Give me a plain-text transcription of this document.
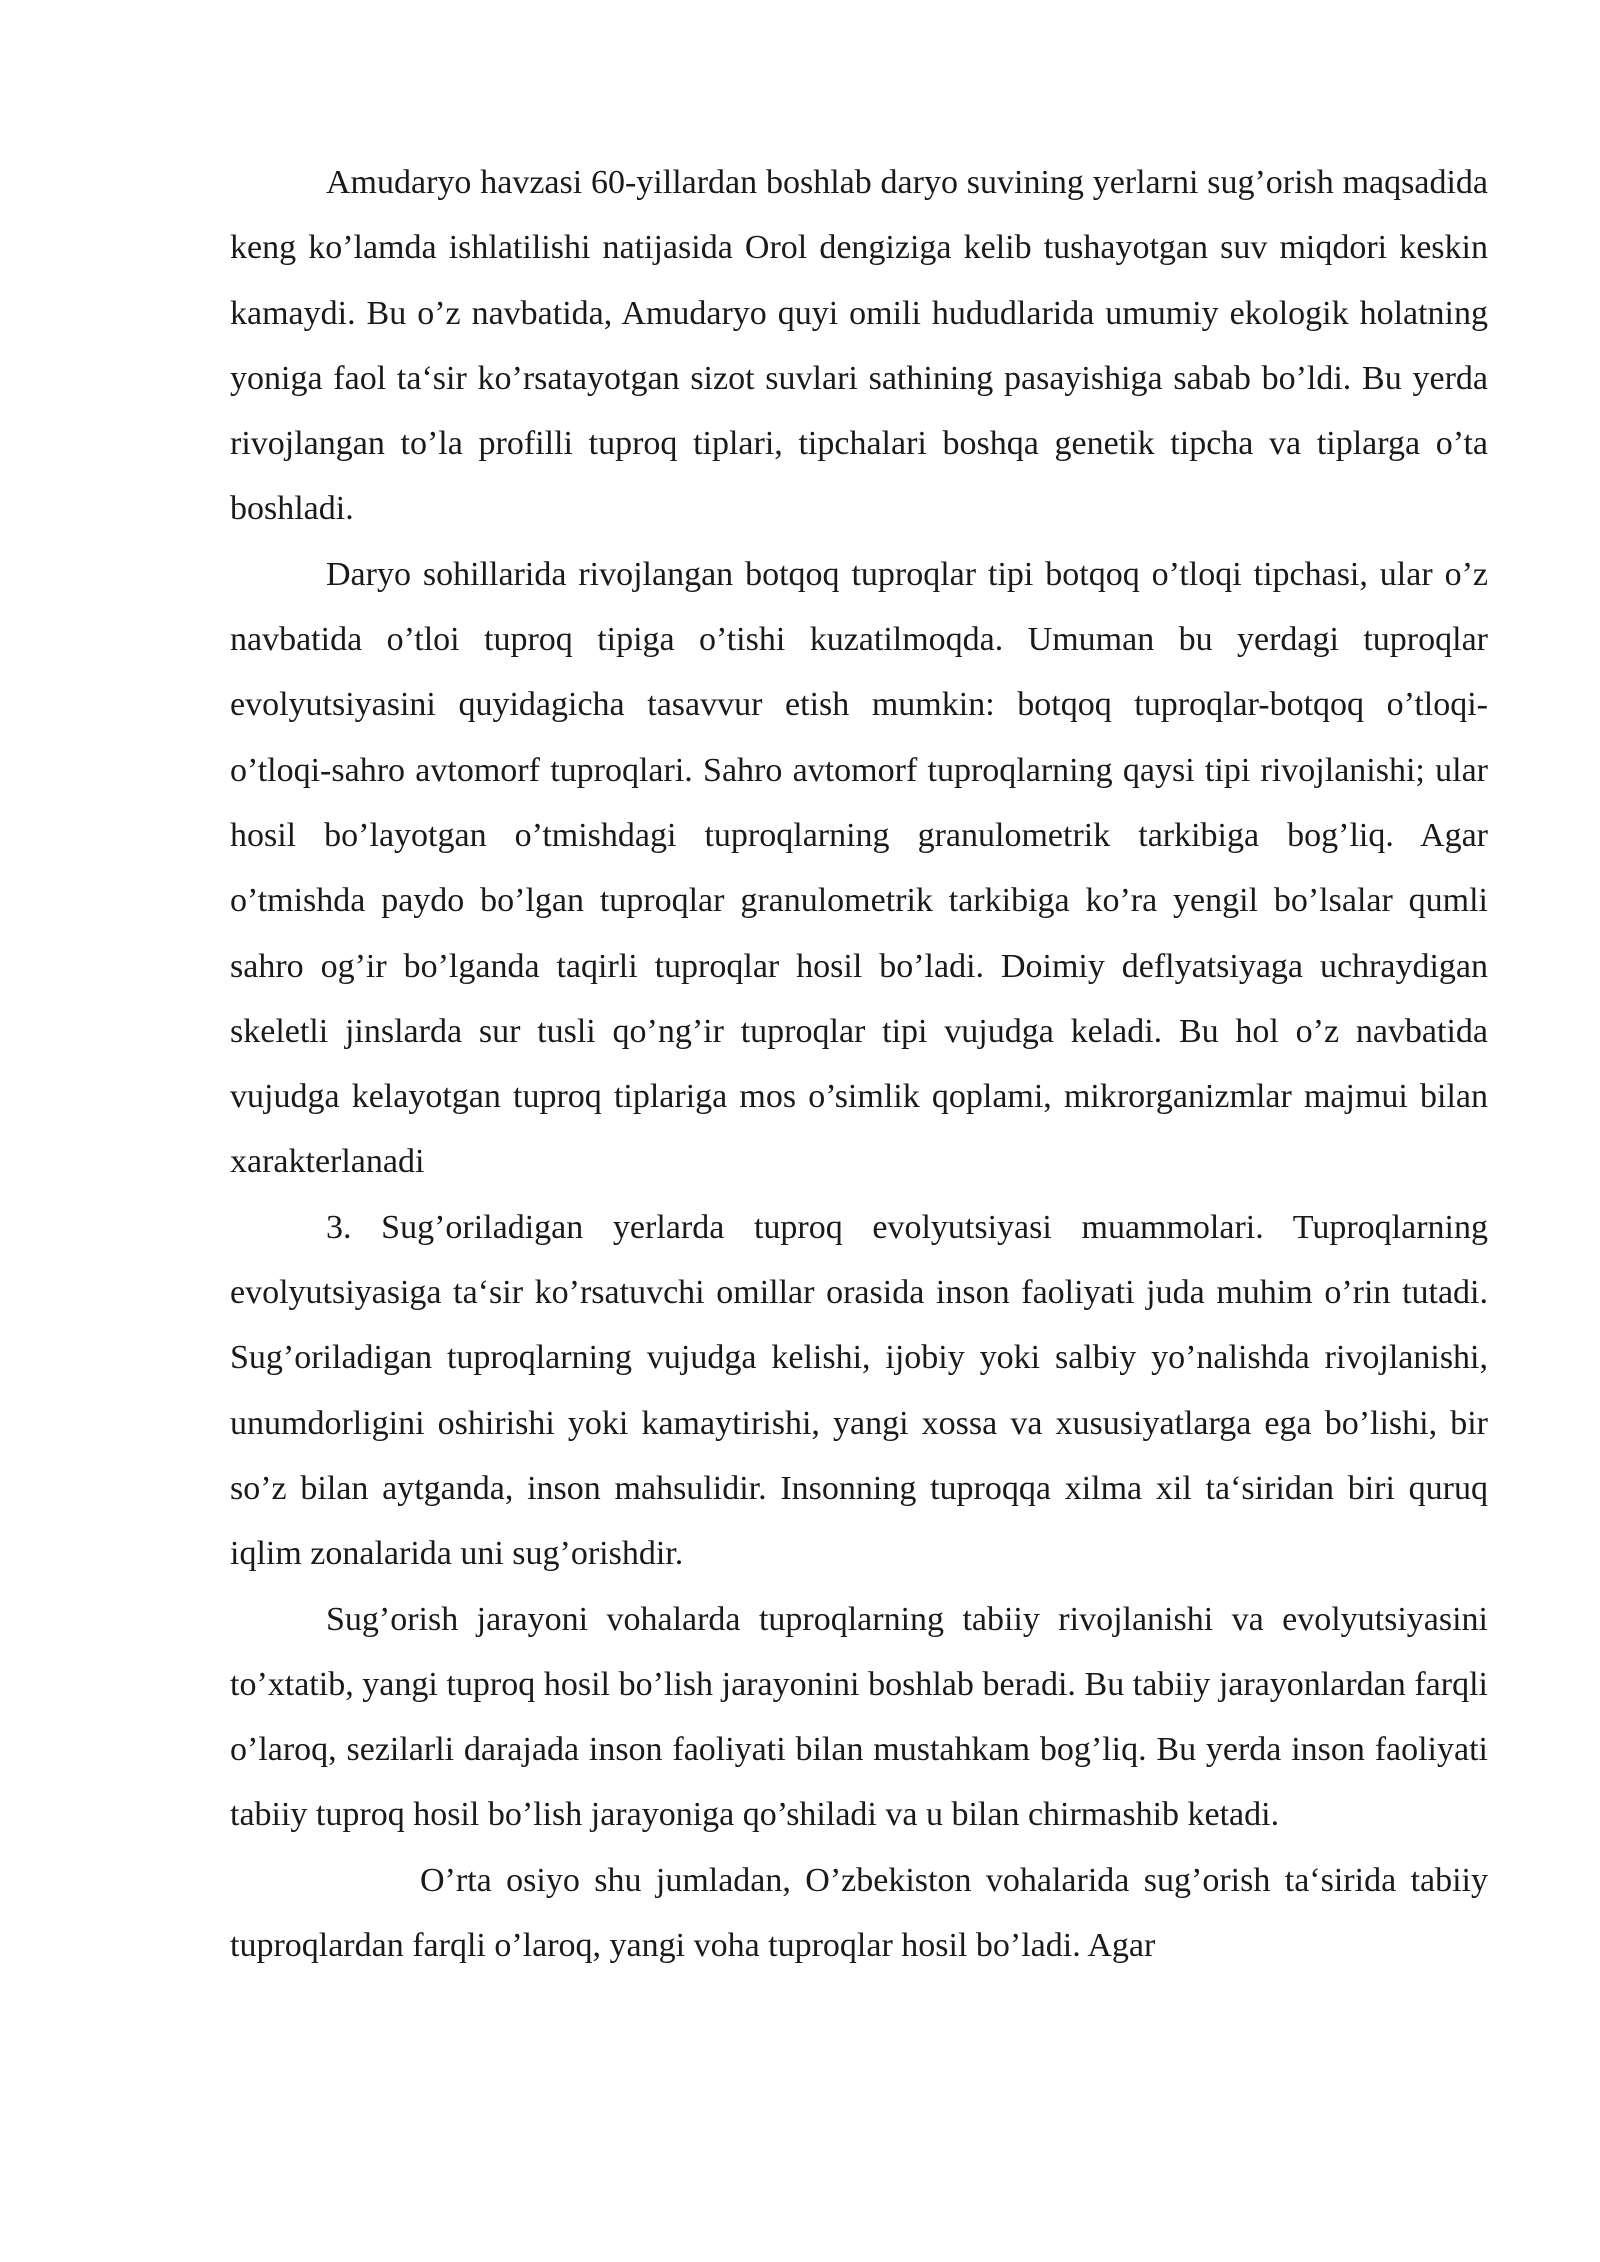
Amudaryo havzasi 60-yillardan boshlab daryo suvining yerlarni sug’orish maqsadida keng ko’lamda ishlatilishi natijasida Orol dengiziga kelib tushayotgan suv miqdori keskin kamaydi. Bu o’z navbatida, Amudaryo quyi omili hududlarida umumiy ekologik holatning yoniga faol ta‘sir ko’rsatayotgan sizot suvlari sathining pasayishiga sabab bo’ldi. Bu yerda rivojlangan to’la profilli tuproq tiplari, tipchalari boshqa genetik tipcha va tiplarga o’ta boshladi.

Daryo sohillarida rivojlangan botqoq tuproqlar tipi botqoq o’tloqi tipchasi, ular o’z navbatida o’tloi tuproq tipiga o’tishi kuzatilmoqda. Umuman bu yerdagi tuproqlar evolyutsiyasini quyidagicha tasavvur etish mumkin: botqoq tuproqlar-botqoq o’tloqi-o’tloqi-sahro avtomorf tuproqlari. Sahro avtomorf tuproqlarning qaysi tipi rivojlanishi; ular hosil bo’layotgan o’tmishdagi tuproqlarning granulometrik tarkibiga bog’liq. Agar o’tmishda paydo bo’lgan tuproqlar granulometrik tarkibiga ko’ra yengil bo’lsalar qumli sahro og’ir bo’lganda taqirli tuproqlar hosil bo’ladi. Doimiy deflyatsiyaga uchraydigan skeletli jinslarda sur tusli qo’ng’ir tuproqlar tipi vujudga keladi. Bu hol o’z navbatida vujudga kelayotgan tuproq tiplariga mos o’simlik qoplami, mikrorganizmlar majmui bilan xarakterlanadi

3. Sug’oriladigan yerlarda tuproq evolyutsiyasi muammolari. Tuproqlarning evolyutsiyasiga ta‘sir ko’rsatuvchi omillar orasida inson faoliyati juda muhim o’rin tutadi. Sug’oriladigan tuproqlarning vujudga kelishi, ijobiy yoki salbiy yo’nalishda rivojlanishi, unumdorligini oshirishi yoki kamaytirishi, yangi xossa va xususiyatlarga ega bo’lishi, bir so’z bilan aytganda, inson mahsulidir. Insonning tuproqqa xilma xil ta‘siridan biri quruq iqlim zonalarida uni sug’orishdir.

Sug’orish jarayoni vohalarda tuproqlarning tabiiy rivojlanishi va evolyutsiyasini to’xtatib, yangi tuproq hosil bo’lish jarayonini boshlab beradi. Bu tabiiy jarayonlardan farqli o’laroq, sezilarli darajada inson faoliyati bilan mustahkam bog’liq. Bu yerda inson faoliyati tabiiy tuproq hosil bo’lish jarayoniga qo’shiladi va u bilan chirmashib ketadi.

O’rta osiyo shu jumladan, O’zbekiston vohalarida sug’orish ta‘sirida tabiiy tuproqlardan farqli o’laroq, yangi voha tuproqlar hosil bo’ladi. Agar
